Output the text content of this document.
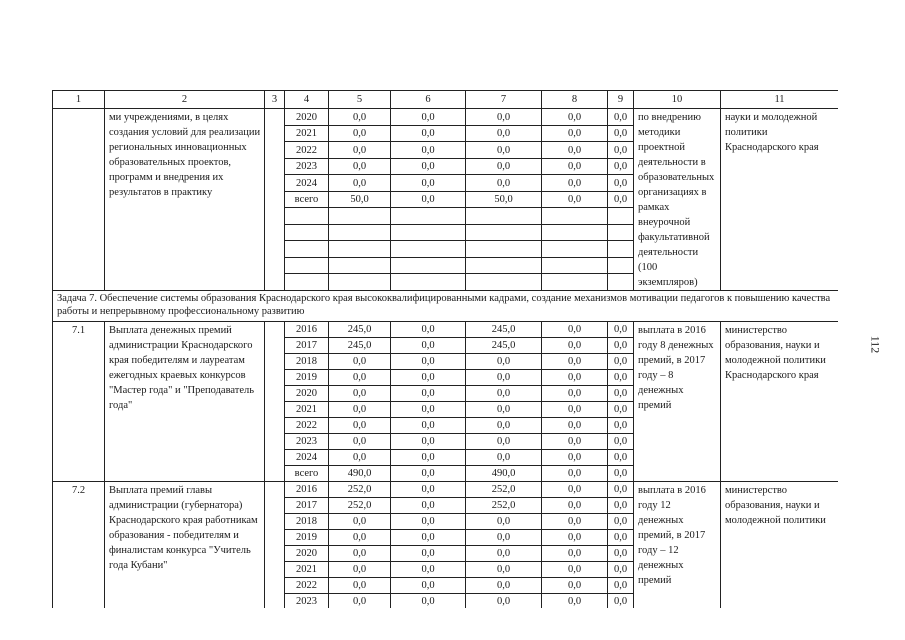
112
1	2	3	4	5	6	7	8	9	10	11
	ми учреждениями, в целях создания условий для реализации региональных инновационных образовательных проектов, программ и внедрения их результатов в практику		2020	0,0	0,0	0,0	0,0	0,0	по внедрению методики проектной деятельности в образовательных организациях в рамках внеурочной факультативной деятельности (100 экземпляров)	науки и молодежной политики Краснодарского края
			2021	0,0	0,0	0,0	0,0	0,0		
			2022	0,0	0,0	0,0	0,0	0,0		
			2023	0,0	0,0	0,0	0,0	0,0		
			2024	0,0	0,0	0,0	0,0	0,0		
			всего	50,0	0,0	50,0	0,0	0,0		

Задача 7. Обеспечение системы образования Краснодарского края высококвалифицированными кадрами, создание механизмов мотивации педагогов к повышению качества работы и непрерывному профессиональному развитию										
7.1	Выплата денежных премий администрации Краснодарского края победителям и лауреатам ежегодных краевых конкурсов "Мастер года" и "Преподаватель года"		2016	245,0	0,0	245,0	0,0	0,0	выплата в 2016 году 8 денежных премий, в 2017 году – 8 денежных премий	министерство образования, науки и молодежной политики Краснодарского края
			2017	245,0	0,0	245,0	0,0	0,0		
			2018	0,0	0,0	0,0	0,0	0,0		
			2019	0,0	0,0	0,0	0,0	0,0		
			2020	0,0	0,0	0,0	0,0	0,0		
			2021	0,0	0,0	0,0	0,0	0,0		
			2022	0,0	0,0	0,0	0,0	0,0		
			2023	0,0	0,0	0,0	0,0	0,0		
			2024	0,0	0,0	0,0	0,0	0,0		
			всего	490,0	0,0	490,0	0,0	0,0		
7.2	Выплата премий главы администрации (губернатора) Краснодарского края работникам образования - победителям и финалистам конкурса "Учитель года Кубани"		2016	252,0	0,0	252,0	0,0	0,0	выплата в 2016 году 12 денежных премий, в 2017 году – 12 денежных премий	министерство образования, науки и молодежной политики
			2017	252,0	0,0	252,0	0,0	0,0		
			2018	0,0	0,0	0,0	0,0	0,0		
			2019	0,0	0,0	0,0	0,0	0,0		
			2020	0,0	0,0	0,0	0,0	0,0		
			2021	0,0	0,0	0,0	0,0	0,0		
			2022	0,0	0,0	0,0	0,0	0,0		
			2023	0,0	0,0	0,0	0,0	0,0		
